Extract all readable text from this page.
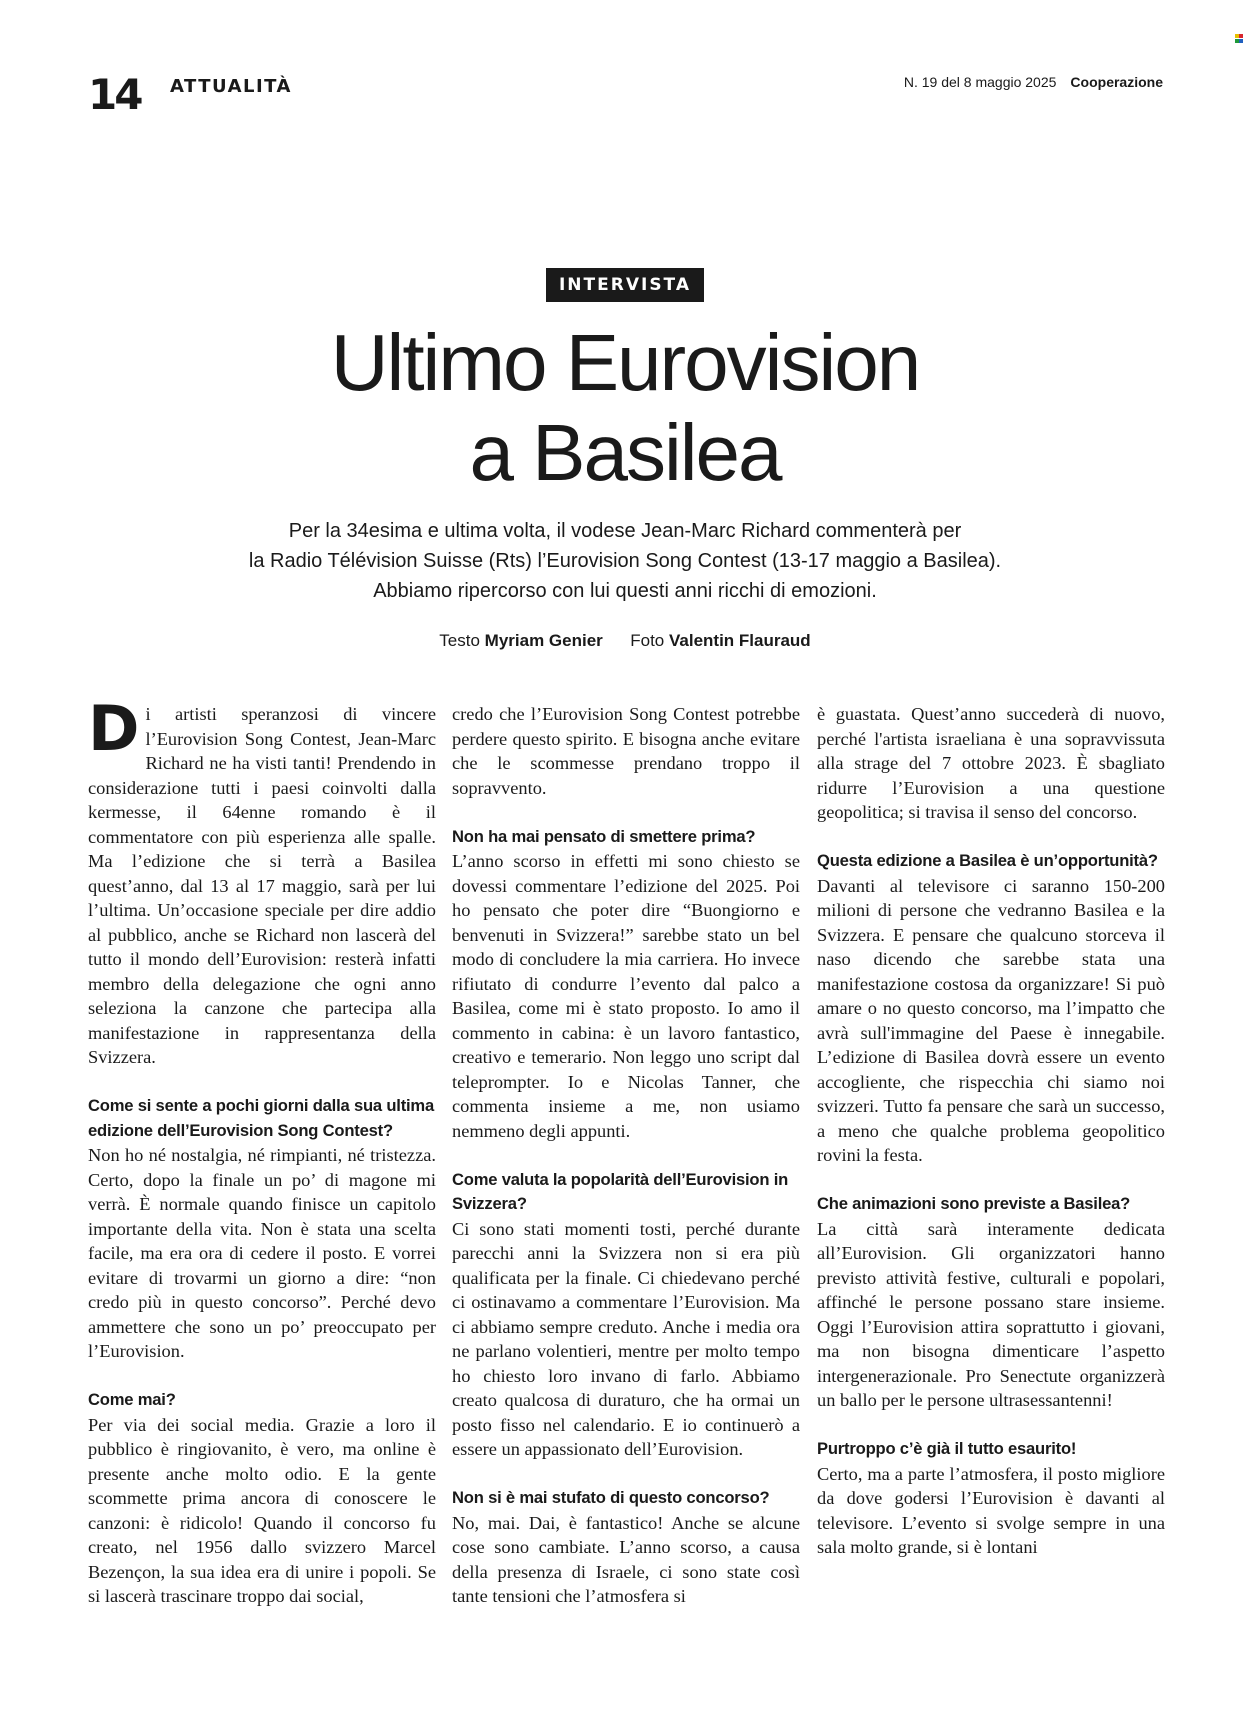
14 ATTUALITÀ	N. 19 del 8 maggio 2025 Cooperazione
INTERVISTA
Ultimo Eurovision
a Basilea
Per la 34esima e ultima volta, il vodese Jean-Marc Richard commenterà per
la Radio Télévision Suisse (Rts) l’Eurovision Song Contest (13-17 maggio a Basilea).
Abbiamo ripercorso con lui questi anni ricchi di emozioni.
Testo Myriam Genier Foto Valentin Flauraud

Di artisti speranzosi di vincere l’Eurovision Song Contest, Jean-Marc Richard ne ha visti tanti! Prendendo in considerazione tutti i paesi coinvolti dalla kermesse, il 64enne romando è il commentatore con più esperienza alle spalle. Ma l’edizione che si terrà a Basilea quest’anno, dal 13 al 17 maggio, sarà per lui l’ultima. Un’occasione speciale per dire addio al pubblico, anche se Richard non lascerà del tutto il mondo dell’Eurovision: resterà infatti membro della delegazione che ogni anno seleziona la canzone che partecipa alla manifestazione in rappresentanza della Svizzera.

Come si sente a pochi giorni dalla sua ultima edizione dell’Eurovision Song Contest?

Non ho né nostalgia, né rimpianti, né tristezza. Certo, dopo la finale un po’ di magone mi verrà. È normale quando finisce un capitolo importante della vita. Non è stata una scelta facile, ma era ora di cedere il posto. E vorrei evitare di trovarmi un giorno a dire: “non credo più in questo concorso”. Perché devo ammettere che sono un po’ preoccupato per l’Eurovision.

Come mai?

Per via dei social media. Grazie a loro il pubblico è ringiovanito, è vero, ma online è presente anche molto odio. E la gente scommette prima ancora di conoscere le canzoni: è ridicolo! Quando il concorso fu creato, nel 1956 dallo svizzero Marcel Bezençon, la sua idea era di unire i popoli. Se si lascerà trascinare troppo dai social,

credo che l’Eurovision Song Contest potrebbe perdere questo spirito. E bisogna anche evitare che le scommesse prendano troppo il sopravvento.

Non ha mai pensato di smettere prima?

L’anno scorso in effetti mi sono chiesto se dovessi commentare l’edizione del 2025. Poi ho pensato che poter dire “Buongiorno e benvenuti in Svizzera!” sarebbe stato un bel modo di concludere la mia carriera. Ho invece rifiutato di condurre l’evento dal palco a Basilea, come mi è stato proposto. Io amo il commento in cabina: è un lavoro fantastico, creativo e temerario. Non leggo uno script dal teleprompter. Io e Nicolas Tanner, che commenta insieme a me, non usiamo nemmeno degli appunti.

Come valuta la popolarità dell’Eurovision in Svizzera?

Ci sono stati momenti tosti, perché durante parecchi anni la Svizzera non si era più qualificata per la finale. Ci chiedevano perché ci ostinavamo a commentare l’Eurovision. Ma ci abbiamo sempre creduto. Anche i media ora ne parlano volentieri, mentre per molto tempo ho chiesto loro invano di farlo. Abbiamo creato qualcosa di duraturo, che ha ormai un posto fisso nel calendario. E io continuerò a essere un appassionato dell’Eurovision.

Non si è mai stufato di questo concorso?

No, mai. Dai, è fantastico! Anche se alcune cose sono cambiate. L’anno scorso, a causa della presenza di Israele, ci sono state così tante tensioni che l’atmosfera si

è guastata. Quest’anno succederà di nuovo, perché l'artista israeliana è una sopravvissuta alla strage del 7 ottobre 2023. È sbagliato ridurre l’Eurovision a una questione geopolitica; si travisa il senso del concorso.

Questa edizione a Basilea è un’opportunità?

Davanti al televisore ci saranno 150-200 milioni di persone che vedranno Basilea e la Svizzera. E pensare che qualcuno storceva il naso dicendo che sarebbe stata una manifestazione costosa da organizzare! Si può amare o no questo concorso, ma l’impatto che avrà sull'immagine del Paese è innegabile. L’edizione di Basilea dovrà essere un evento accogliente, che rispecchia chi siamo noi svizzeri. Tutto fa pensare che sarà un successo, a meno che qualche problema geopolitico rovini la festa.

Che animazioni sono previste a Basilea?

La città sarà interamente dedicata all’Eurovision. Gli organizzatori hanno previsto attività festive, culturali e popolari, affinché le persone possano stare insieme. Oggi l’Eurovision attira soprattutto i giovani, ma non bisogna dimenticare l’aspetto intergenerazionale. Pro Senectute organizzerà un ballo per le persone ultrasessantenni!

Purtroppo c’è già il tutto esaurito!

Certo, ma a parte l’atmosfera, il posto migliore da dove godersi l’Eurovision è davanti al televisore. L’evento si svolge sempre in una sala molto grande, si è lontani
